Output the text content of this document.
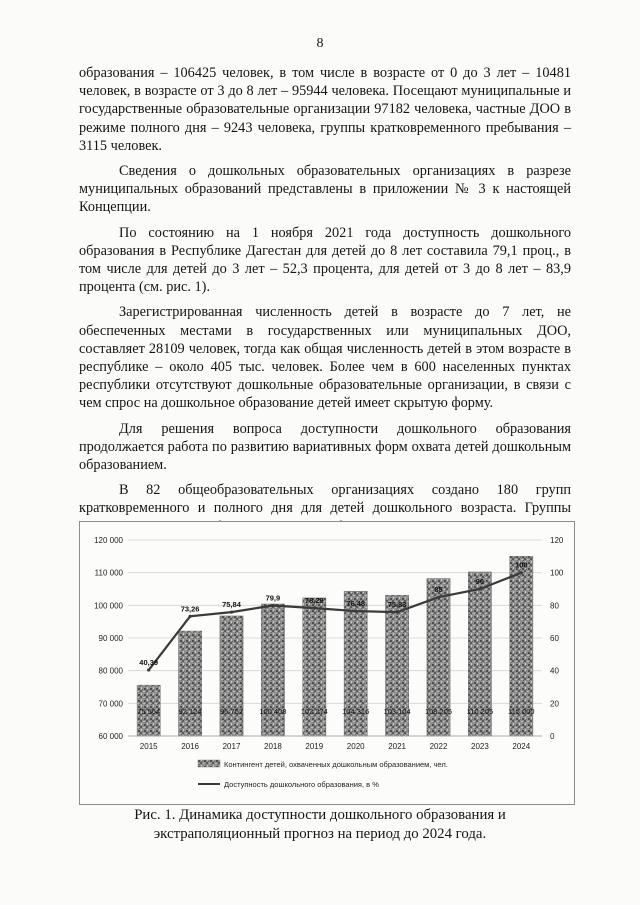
8

образования – 106425 человек, в том числе в возрасте от 0 до 3 лет – 10481 человек, в возрасте от 3 до 8 лет – 95944 человека. Посещают муниципальные и государственные образовательные организации 97182 человека, частные ДОО в режиме полного дня – 9243 человека, группы кратковременного пребывания – 3115 человек.

Сведения о дошкольных образовательных организациях в разрезе муниципальных образований представлены в приложении № 3 к настоящей Концепции.

По состоянию на 1 ноября 2021 года доступность дошкольного образования в Республике Дагестан для детей до 8 лет составила 79,1 проц., в том числе для детей до 3 лет – 52,3 процента, для детей от 3 до 8 лет – 83,9 процента (см. рис. 1).

Зарегистрированная численность детей в возрасте до 7 лет, не обеспеченных местами в государственных или муниципальных ДОО, составляет 28109 человек, тогда как общая численность детей в этом возрасте в республике – около 405 тыс. человек. Более чем в 600 населенных пунктах республики отсутствуют дошкольные образовательные организации, в связи с чем спрос на дошкольное образование детей имеет скрытую форму.

Для решения вопроса доступности дошкольного образования продолжается работа по развитию вариативных форм охвата детей дошкольным образованием.

В 82 общеобразовательных организациях создано 180 групп кратковременного и полного дня для детей дошкольного возраста. Группы

75 564 92 124 96 752 100 408 102 274 104 316 103 104 108 205 110 205 115 000
40,39
73,26	75,84
79,9	78,29	76,48	75,83
85
90
100
60 000
70 000
80 000
90 000
100 000
110 000
120 000
0
20
40
60
80
100
120
2015	2016	2017	2018	2019	2020	2021	2022	2023	2024
Контингент детей, охваченных дошкольным образованием, чел.
Доступность дошкольного образования, в %
Рис. 1. Динамика доступности дошкольного образования и
экстраполяционный прогноз на период до 2024 года.
